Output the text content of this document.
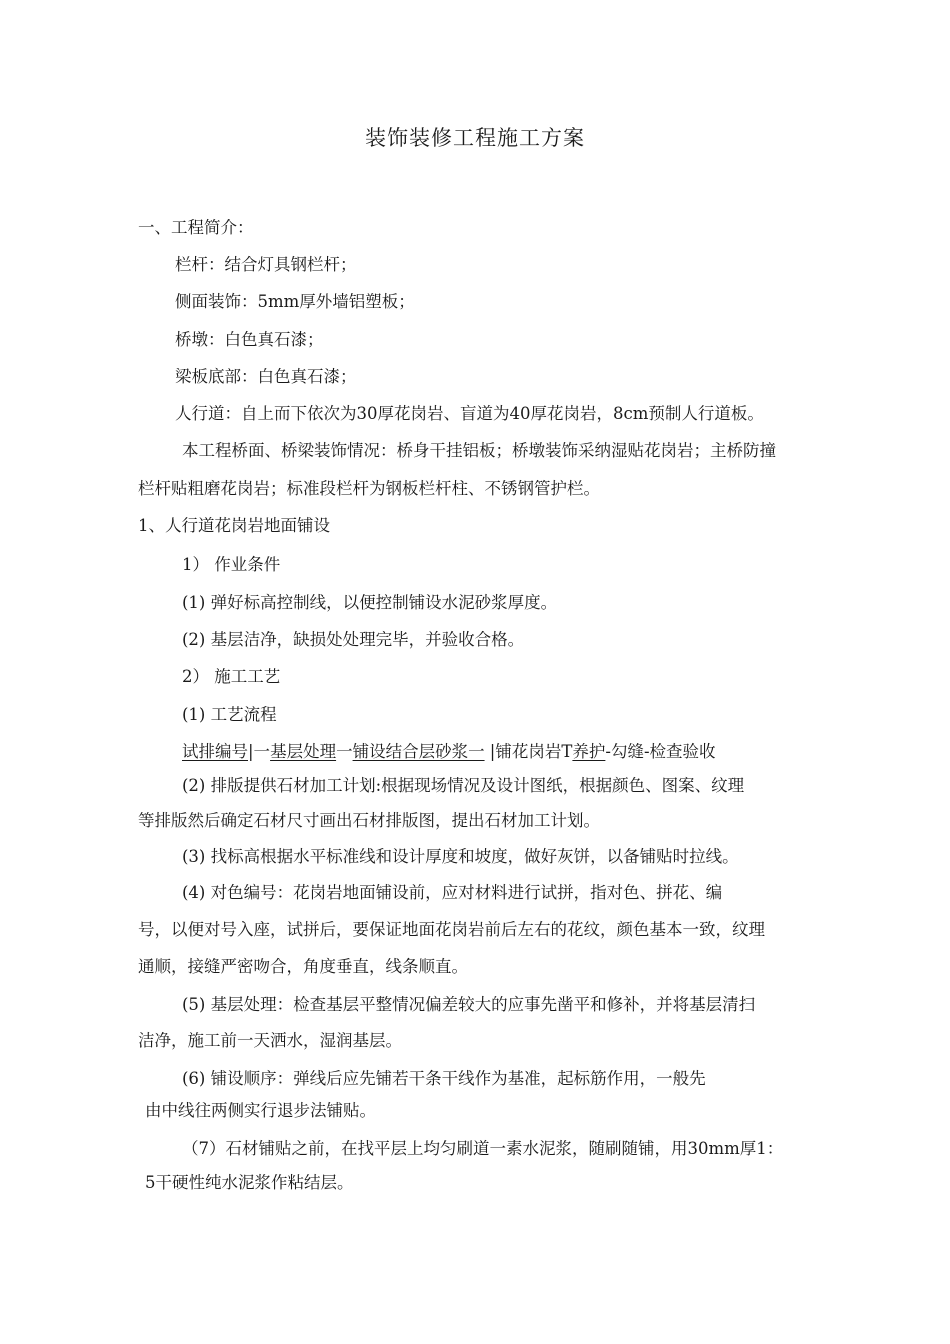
装饰装修工程施工方案
一、工程简介：
栏杆：结合灯具钢栏杆；
侧面装饰：5mm厚外墙铝塑板；
桥墩：白色真石漆；
梁板底部：白色真石漆；
人行道：自上而下依次为30厚花岗岩、盲道为40厚花岗岩，8cm预制人行道板。
本工程桥面、桥梁装饰情况：桥身干挂铝板；桥墩装饰采纳湿贴花岗岩；主桥防撞
栏杆贴粗磨花岗岩；标准段栏杆为钢板栏杆柱、不锈钢管护栏。
1、人行道花岗岩地面铺设
1） 作业条件
(1) 弹好标高控制线，以便控制铺设水泥砂浆厚度。
(2) 基层洁净，缺损处处理完毕，并验收合格。
2） 施工工艺
(1) 工艺流程
试排编号|一基层处理一铺设结合层砂浆一 |铺花岗岩T养护-勾缝-检查验收
(2) 排版提供石材加工计划:根据现场情况及设计图纸，根据颜色、图案、纹理
等排版然后确定石材尺寸画出石材排版图，提出石材加工计划。
(3) 找标高根据水平标准线和设计厚度和坡度，做好灰饼，以备铺贴时拉线。
(4) 对色编号：花岗岩地面铺设前，应对材料进行试拼，指对色、拼花、编
号，以便对号入座，试拼后，要保证地面花岗岩前后左右的花纹，颜色基本一致，纹理
通顺，接缝严密吻合，角度垂直，线条顺直。
(5) 基层处理：检查基层平整情况偏差较大的应事先凿平和修补，并将基层清扫
洁净，施工前一天洒水，湿润基层。
(6) 铺设顺序：弹线后应先铺若干条干线作为基准，起标筋作用，一般先
由中线往两侧实行退步法铺贴。
（7）石材铺贴之前，在找平层上均匀刷道一素水泥浆，随刷随铺，用30mm厚1：
5干硬性纯水泥浆作粘结层。
